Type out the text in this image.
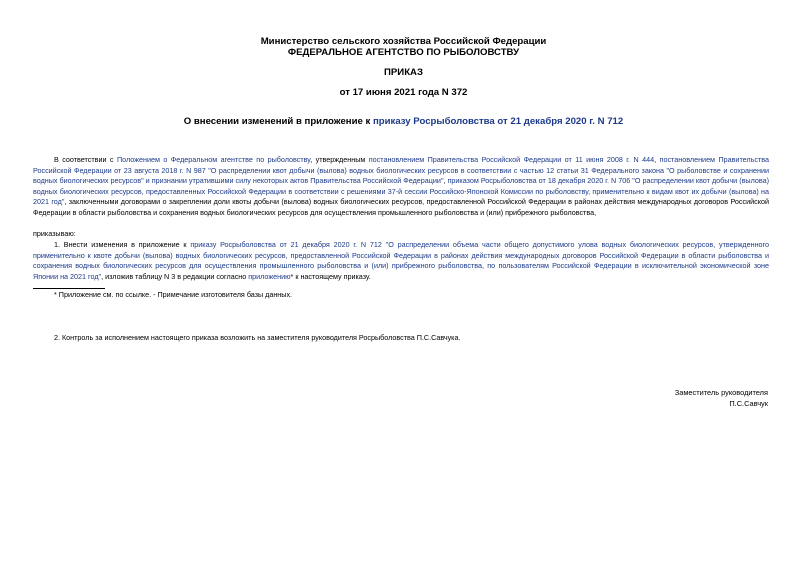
Министерство сельского хозяйства Российской Федерации
ФЕДЕРАЛЬНОЕ АГЕНТСТВО ПО РЫБОЛОВСТВУ
ПРИКАЗ
от 17 июня 2021 года N 372
О внесении изменений в приложение к приказу Росрыболовства от 21 декабря 2020 г. N 712
В соответствии с Положением о Федеральном агентстве по рыболовству, утвержденным постановлением Правительства Российской Федерации от 11 июня 2008 г. N 444, постановлением Правительства Российской Федерации от 23 августа 2018 г. N 987 "О распределении квот добычи (вылова) водных биологических ресурсов в соответствии с частью 12 статьи 31 Федерального закона "О рыболовстве и сохранении водных биологических ресурсов" и признании утратившими силу некоторых актов Правительства Российской Федерации", приказом Росрыболовства от 18 декабря 2020 г. N 706 "О распределении квот добычи (вылова) водных биологических ресурсов, предоставленных Российской Федерации в соответствии с решениями 37-й сессии Российско-Японской Комиссии по рыболовству, применительно к видам квот их добычи (вылова) на 2021 год", заключенными договорами о закреплении доли квоты добычи (вылова) водных биологических ресурсов, предоставленной Российской Федерации в районах действия международных договоров Российской Федерации в области рыболовства и сохранения водных биологических ресурсов для осуществления промышленного рыболовства и (или) прибрежного рыболовства,
приказываю:
1. Внести изменения в приложение к приказу Росрыболовства от 21 декабря 2020 г. N 712 "О распределении объема части общего допустимого улова водных биологических ресурсов, утвержденного применительно к квоте добычи (вылова) водных биологических ресурсов, предоставленной Российской Федерации в районах действия международных договоров Российской Федерации в области рыболовства и сохранения водных биологических ресурсов для осуществления промышленного рыболовства и (или) прибрежного рыболовства, по пользователям Российской Федерации в исключительной экономической зоне Японии на 2021 год", изложив таблицу N 3 в редакции согласно приложению* к настоящему приказу.
* Приложение см. по ссылке. - Примечание изготовителя базы данных.
2. Контроль за исполнением настоящего приказа возложить на заместителя руководителя Росрыболовства П.С.Савчука.
Заместитель руководителя
П.С.Савчук
